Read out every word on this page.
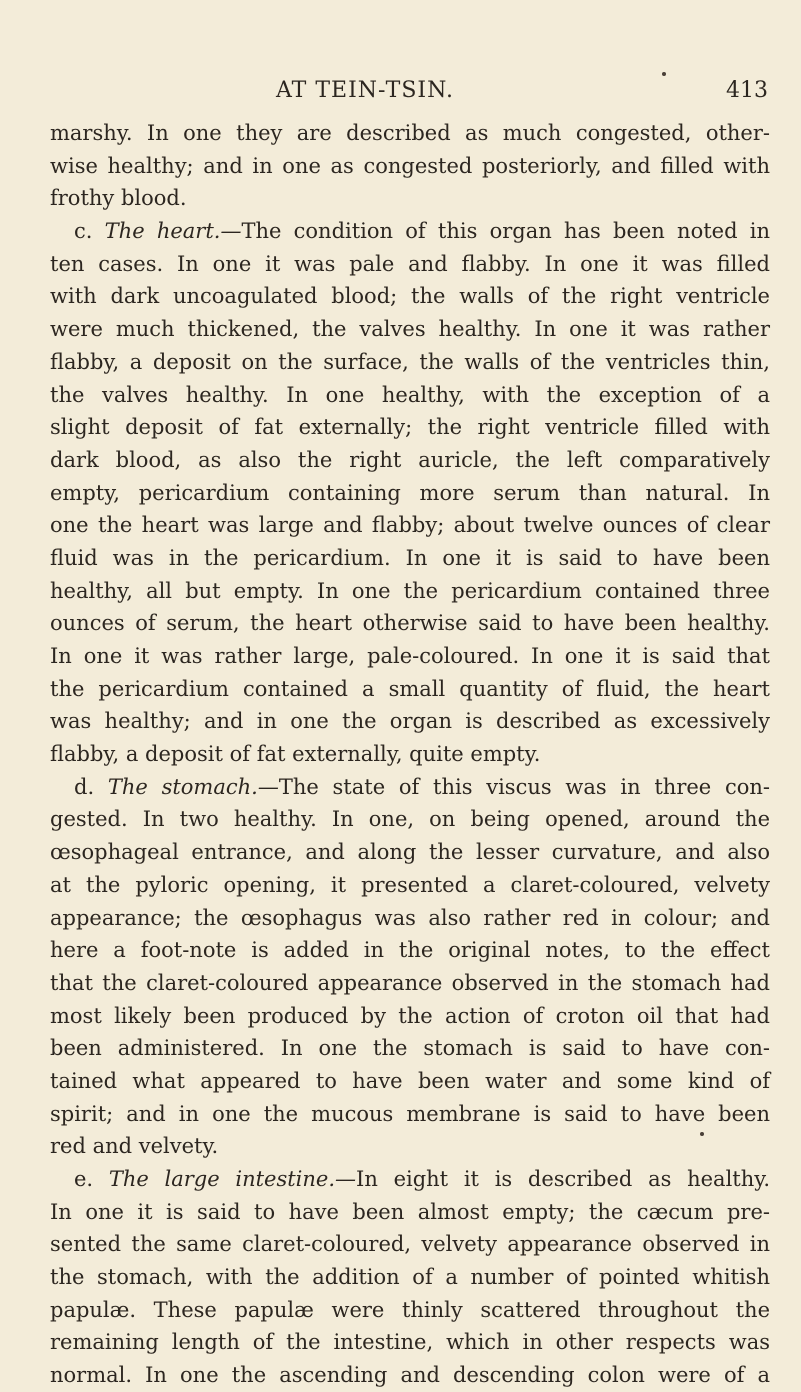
AT TEIN-TSIN.	413
marshy. In one they are described as much congested, other-
wise healthy; and in one as congested posteriorly, and filled with
frothy blood.
c. The heart.—The condition of this organ has been noted in
ten cases. In one it was pale and flabby. In one it was filled
with dark uncoagulated blood; the walls of the right ventricle
were much thickened, the valves healthy. In one it was rather
flabby, a deposit on the surface, the walls of the ventricles thin,
the valves healthy. In one healthy, with the exception of a
slight deposit of fat externally; the right ventricle filled with
dark blood, as also the right auricle, the left comparatively
empty, pericardium containing more serum than natural. In
one the heart was large and flabby; about twelve ounces of clear
fluid was in the pericardium. In one it is said to have been
healthy, all but empty. In one the pericardium contained three
ounces of serum, the heart otherwise said to have been healthy.
In one it was rather large, pale-coloured. In one it is said that
the pericardium contained a small quantity of fluid, the heart
was healthy; and in one the organ is described as excessively
flabby, a deposit of fat externally, quite empty.
d. The stomach.—The state of this viscus was in three con-
gested. In two healthy. In one, on being opened, around the
œsophageal entrance, and along the lesser curvature, and also
at the pyloric opening, it presented a claret-coloured, velvety
appearance; the œsophagus was also rather red in colour; and
here a foot-note is added in the original notes, to the effect
that the claret-coloured appearance observed in the stomach had
most likely been produced by the action of croton oil that had
been administered. In one the stomach is said to have con-
tained what appeared to have been water and some kind of
spirit; and in one the mucous membrane is said to have been
red and velvety.
e. The large intestine.—In eight it is described as healthy.
In one it is said to have been almost empty; the cæcum pre-
sented the same claret-coloured, velvety appearance observed in
the stomach, with the addition of a number of pointed whitish
papulæ. These papulæ were thinly scattered throughout the
remaining length of the intestine, which in other respects was
normal. In one the ascending and descending colon were of a
